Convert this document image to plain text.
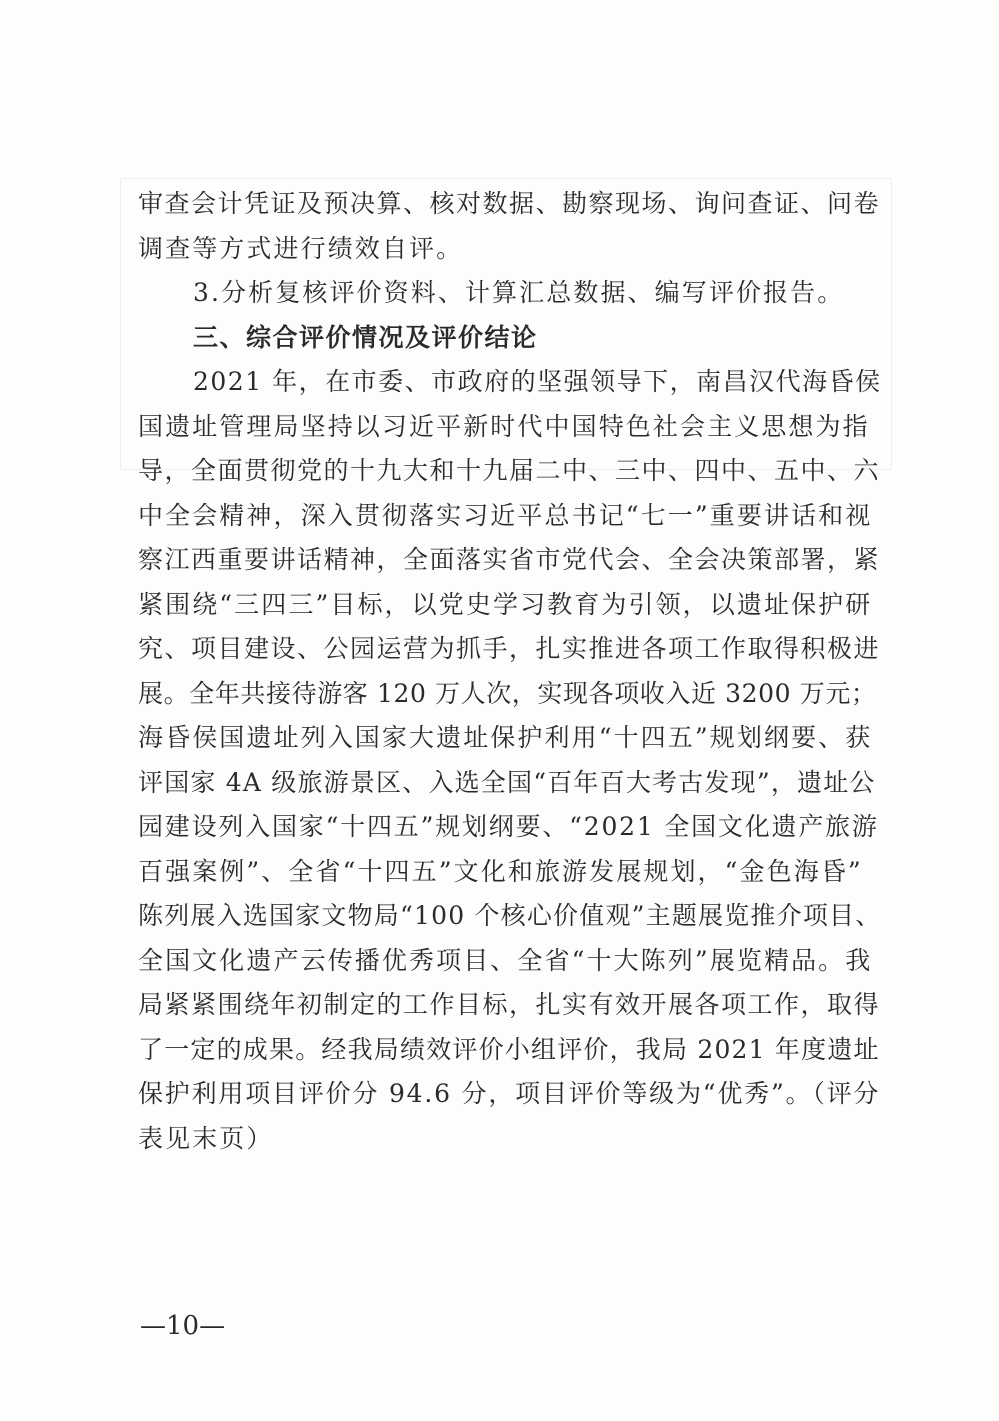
审查会计凭证及预决算、核对数据、勘察现场、询问查证、问卷
调查等方式进行绩效自评。
3.分析复核评价资料、计算汇总数据、编写评价报告。
三、综合评价情况及评价结论
2021 年，在市委、市政府的坚强领导下，南昌汉代海昏侯
国遗址管理局坚持以习近平新时代中国特色社会主义思想为指
导，全面贯彻党的十九大和十九届二中、三中、四中、五中、六
中全会精神，深入贯彻落实习近平总书记“七一”重要讲话和视
察江西重要讲话精神，全面落实省市党代会、全会决策部署，紧
紧围绕“三四三”目标，以党史学习教育为引领，以遗址保护研
究、项目建设、公园运营为抓手，扎实推进各项工作取得积极进
展。全年共接待游客 120 万人次，实现各项收入近 3200 万元；
海昏侯国遗址列入国家大遗址保护利用“十四五”规划纲要、获
评国家 4A 级旅游景区、入选全国“百年百大考古发现”，遗址公
园建设列入国家“十四五”规划纲要、“2021 全国文化遗产旅游
百强案例”、全省“十四五”文化和旅游发展规划，“金色海昏”
陈列展入选国家文物局“100 个核心价值观”主题展览推介项目、
全国文化遗产云传播优秀项目、全省“十大陈列”展览精品。我
局紧紧围绕年初制定的工作目标，扎实有效开展各项工作，取得
了一定的成果。经我局绩效评价小组评价，我局 2021 年度遗址
保护利用项目评价分 94.6 分，项目评价等级为“优秀”。（评分
表见末页）
—10—
